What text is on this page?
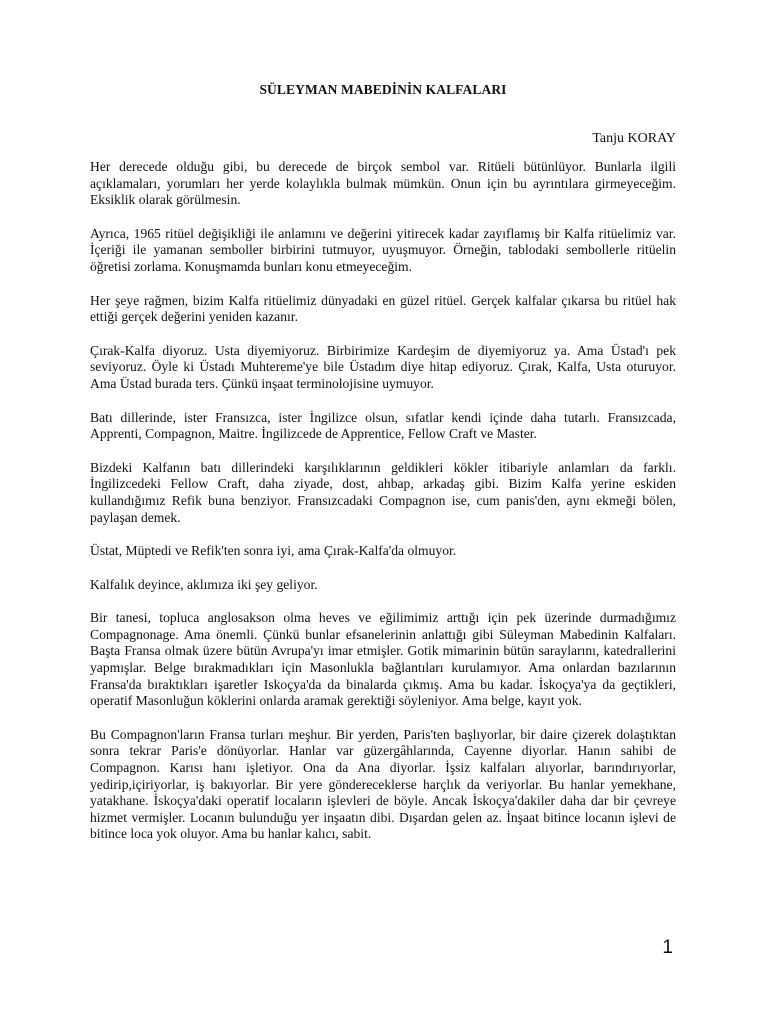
SÜLEYMAN MABEDİNİN KALFALARI
Tanju KORAY

Her derecede olduğu gibi, bu derecede de birçok sembol var. Ritüeli bütünlüyor. Bunlarla ilgili açıklamaları, yorumları her yerde kolaylıkla bulmak mümkün. Onun için bu ayrıntılara girmeyeceğim. Eksiklik olarak görülmesin.

Ayrıca, 1965 ritüel değişikliği ile anlamını ve değerini yitirecek kadar zayıflamış bir Kalfa ritüelimiz var. İçeriği ile yamanan semboller birbirini tutmuyor, uyuşmuyor. Örneğin, tablodaki sembollerle ritüelin öğretisi zorlama. Konuşmamda bunları konu etmeyeceğim.

Her şeye rağmen, bizim Kalfa ritüelimiz dünyadaki en güzel ritüel. Gerçek kalfalar çıkarsa bu ritüel hak ettiği gerçek değerini yeniden kazanır.

Çırak-Kalfa diyoruz. Usta diyemiyoruz. Birbirimize Kardeşim de diyemiyoruz ya. Ama Üstad'ı pek seviyoruz. Öyle ki Üstadı Muhtereme'ye bile Üstadım diye hitap ediyoruz. Çırak, Kalfa, Usta oturuyor. Ama Üstad burada ters. Çünkü inşaat terminolojisine uymuyor.

Batı dillerinde, ister Fransızca, ister İngilizce olsun, sıfatlar kendi içinde daha tutarlı. Fransızcada, Apprenti, Compagnon, Maitre. İngilizcede de Apprentice, Fellow Craft ve Master.

Bizdeki Kalfanın batı dillerindeki karşılıklarının geldikleri kökler itibariyle anlamları da farklı. İngilizcedeki Fellow Craft, daha ziyade, dost, ahbap, arkadaş gibi. Bizim Kalfa yerine eskiden kullandığımız Refik buna benziyor. Fransızcadaki Compagnon ise, cum panis'den, aynı ekmeği bölen, paylaşan demek.

Üstat, Müptedi ve Refik'ten sonra iyi, ama Çırak-Kalfa'da olmuyor.

Kalfalık deyince, aklımıza iki şey geliyor.

Bir tanesi, topluca anglosakson olma heves ve eğilimimiz arttığı için pek üzerinde durmadığımız Compagnonage. Ama önemli. Çünkü bunlar efsanelerinin anlattığı gibi Süleyman Mabedinin Kalfaları. Başta Fransa olmak üzere bütün Avrupa'yı imar etmişler. Gotik mimarinin bütün saraylarını, katedrallerini yapmışlar. Belge bırakmadıkları için Masonlukla bağlantıları kurulamıyor. Ama onlardan bazılarının Fransa'da bıraktıkları işaretler Iskoçya'da da binalarda çıkmış. Ama bu kadar. İskoçya'ya da geçtikleri, operatif Masonluğun köklerini onlarda aramak gerektiği söyleniyor. Ama belge, kayıt yok.

Bu Compagnon'ların Fransa turları meşhur. Bir yerden, Paris'ten başlıyorlar, bir daire çizerek dolaştıktan sonra tekrar Paris'e dönüyorlar. Hanlar var güzergâhlarında, Cayenne diyorlar. Hanın sahibi de Compagnon. Karısı hanı işletiyor. Ona da Ana diyorlar. İşsiz kalfaları alıyorlar, barındırıyorlar, yedirip,içiriyorlar, iş bakıyorlar. Bir yere göndereceklerse harçlık da veriyorlar. Bu hanlar yemekhane, yatakhane. İskoçya'daki operatif locaların işlevleri de böyle. Ancak İskoçya'dakiler daha dar bir çevreye hizmet vermişler. Locanın bulunduğu yer inşaatın dibi. Dışardan gelen az. İnşaat bitince locanın işlevi de bitince loca yok oluyor. Ama bu hanlar kalıcı, sabit.

1
